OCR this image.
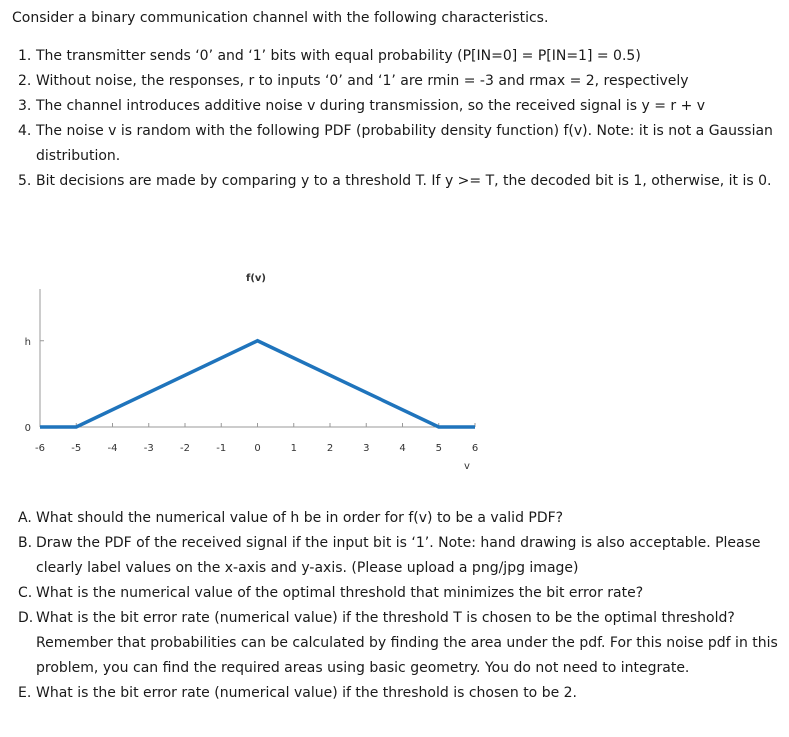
Consider a binary communication channel with the following characteristics.
1. The transmitter sends ‘0’ and ‘1’ bits with equal probability (P[IN=0] = P[IN=1] = 0.5)
2. Without noise, the responses, r to inputs ‘0’ and ‘1’ are rmin = -3 and rmax = 2, respectively
3. The channel introduces additive noise v during transmission, so the received signal is y = r + v
4. The noise v is random with the following PDF (probability density function) f(v). Note: it is not a Gaussian distribution.
5. Bit decisions are made by comparing y to a threshold T. If y >= T, the decoded bit is 1, otherwise, it is 0.
f(v)
-6	-5	-4	-3	-2	-1	0	1	2	3	4	5	6
0
h
v
A. What should the numerical value of h be in order for f(v) to be a valid PDF?
B. Draw the PDF of the received signal if the input bit is ‘1’. Note: hand drawing is also acceptable. Please clearly label values on the x-axis and y-axis. (Please upload a png/jpg image)
C. What is the numerical value of the optimal threshold that minimizes the bit error rate?
D. What is the bit error rate (numerical value) if the threshold T is chosen to be the optimal threshold? Remember that probabilities can be calculated by finding the area under the pdf. For this noise pdf in this problem, you can find the required areas using basic geometry. You do not need to integrate.
E. What is the bit error rate (numerical value) if the threshold is chosen to be 2.
